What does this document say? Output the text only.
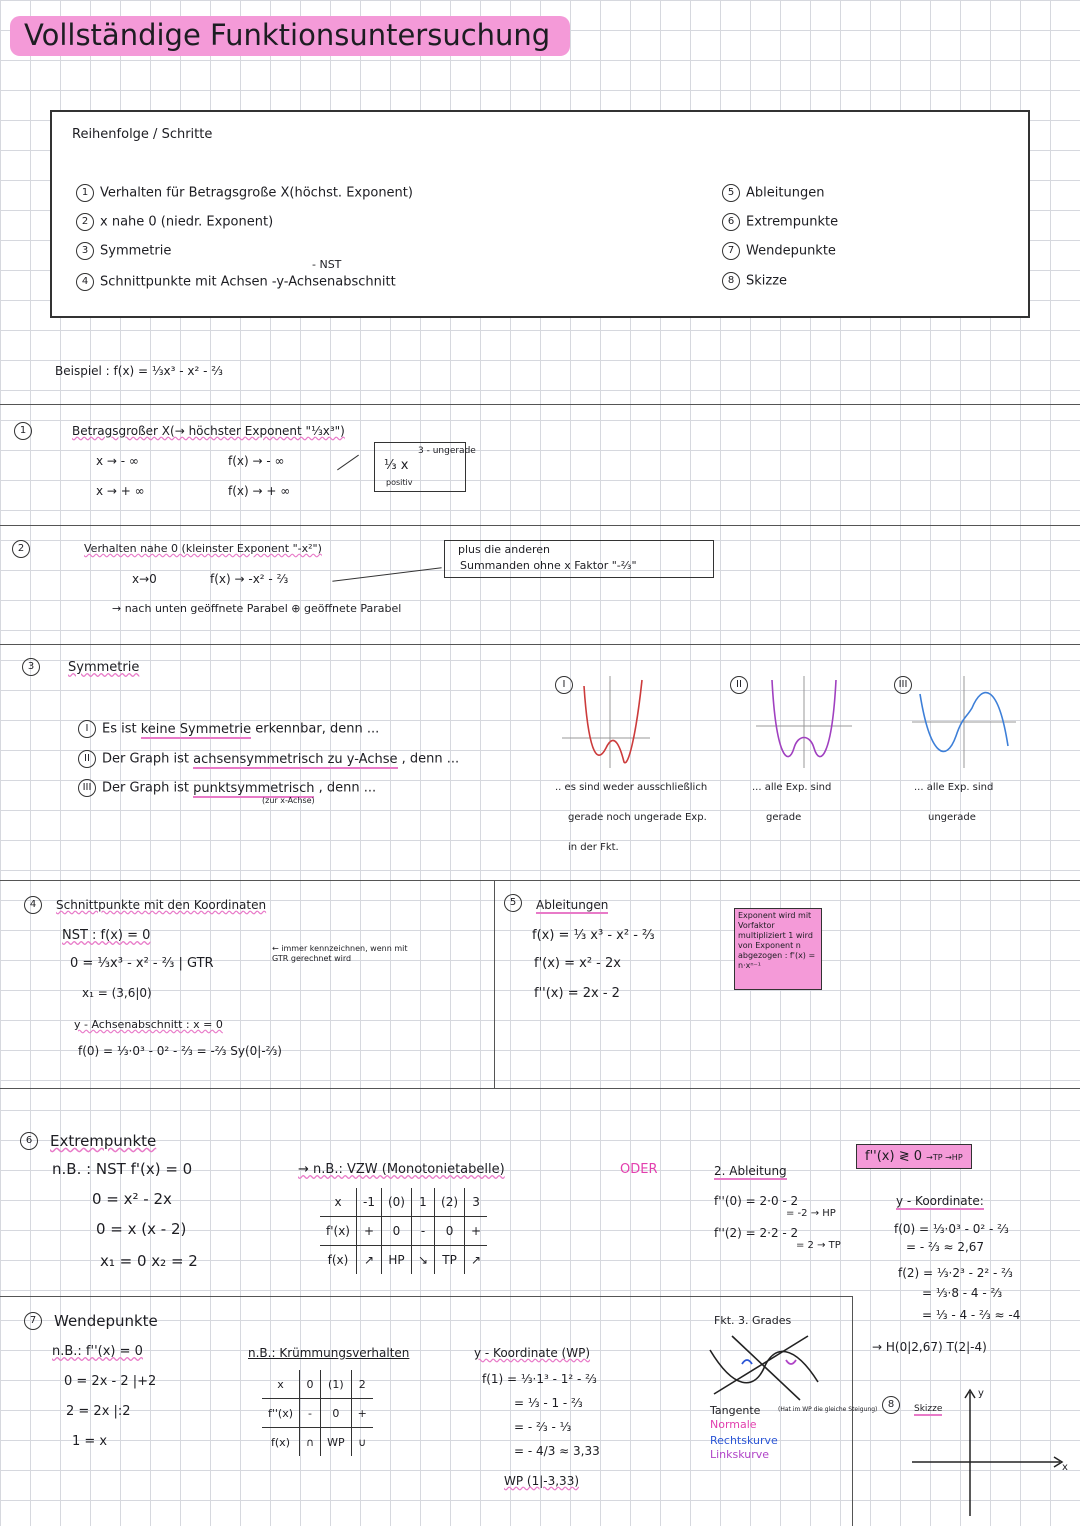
Vollständige Funktionsuntersuchung
Reihenfolge / Schritte
1 Verhalten für Betragsgroße X(höchst. Exponent)
2 x nahe 0 (niedr. Exponent)
3 Symmetrie
- NST
4 Schnittpunkte mit Achsen -y-Achsenabschnitt
5 Ableitungen
6 Extrempunkte
7 Wendepunkte
8 Skizze
Beispiel : f(x) = ⅓x³ - x² - ⅔
1	Betragsgroßer X(→ höchster Exponent "⅓x³")
x → - ∞	f(x) → - ∞
x → + ∞	f(x) → + ∞
3 - ungerade
⅓ x
positiv
2	Verhalten nahe 0 (kleinster Exponent "-x²")
x→0	f(x) → -x² - ⅔
→ nach unten geöffnete Parabel ⊕ geöffnete Parabel
plus die anderen
Summanden ohne x Faktor "-⅔"
3	Symmetrie
I Es ist keine Symmetrie erkennbar, denn ...
II Der Graph ist achsensymmetrisch zu y-Achse , denn ...
III Der Graph ist punktsymmetrisch , denn ...
(zur x-Achse)
I	II	III
.. es sind weder ausschließlich
gerade noch ungerade Exp.
in der Fkt.
... alle Exp. sind
gerade
... alle Exp. sind
ungerade
4	Schnittpunkte mit den Koordinaten
NST : f(x) = 0
0 = ⅓x³ - x² - ⅔ | GTR
← immer kennzeichnen, wenn mit GTR gerechnet wird
x₁ = (3,6|0)
y - Achsenabschnitt : x = 0
f(0) = ⅓·0³ - 0² - ⅔ = -⅔ Sy(0|-⅔)
5	Ableitungen
f(x) = ⅓ x³ - x² - ⅔
f'(x) = x² - 2x
f''(x) = 2x - 2
Exponent wird mit Vorfaktor multipliziert 1 wird von Exponent n abgezogen : f'(x) = n·xⁿ⁻¹
6	Extrempunkte
n.B. : NST f'(x) = 0
0 = x² - 2x
0 = x (x - 2)
x₁ = 0 x₂ = 2
→ n.B.: VZW (Monotonietabelle)
x	-1	(0)	1	(2)	3
f'(x)	+	0	-	0	+
f(x)	↗	HP	↘	TP	↗
ODER	2. Ableitung
f''(0) = 2·0 - 2
= -2 → HP
f''(2) = 2·2 - 2
= 2 → TP
f''(x) ≷ 0 →TP →HP
y - Koordinate:
f(0) = ⅓·0³ - 0² - ⅔
= - ⅔ ≈ 2,67
f(2) = ⅓·2³ - 2² - ⅔
= ⅓·8 - 4 - ⅔
= ⅓ - 4 - ⅔ ≈ -4
→ H(0|2,67) T(2|-4)
7	Wendepunkte
n.B.: f''(x) = 0
0 = 2x - 2 |+2
2 = 2x |:2
1 = x
n.B.: Krümmungsverhalten
x	0	(1)	2
f''(x)	-	0	+
f(x)	∩	WP	∪
y - Koordinate (WP)
f(1) = ⅓·1³ - 1² - ⅔
= ⅓ - 1 - ⅔
= - ⅔ - ⅓
= - 4/3 ≈ 3,33
WP (1|-3,33)
Fkt. 3. Grades
Tangente	(Hat im WP die gleiche Steigung)
Normale
Rechtskurve
Linkskurve
8	Skizze
y
x
